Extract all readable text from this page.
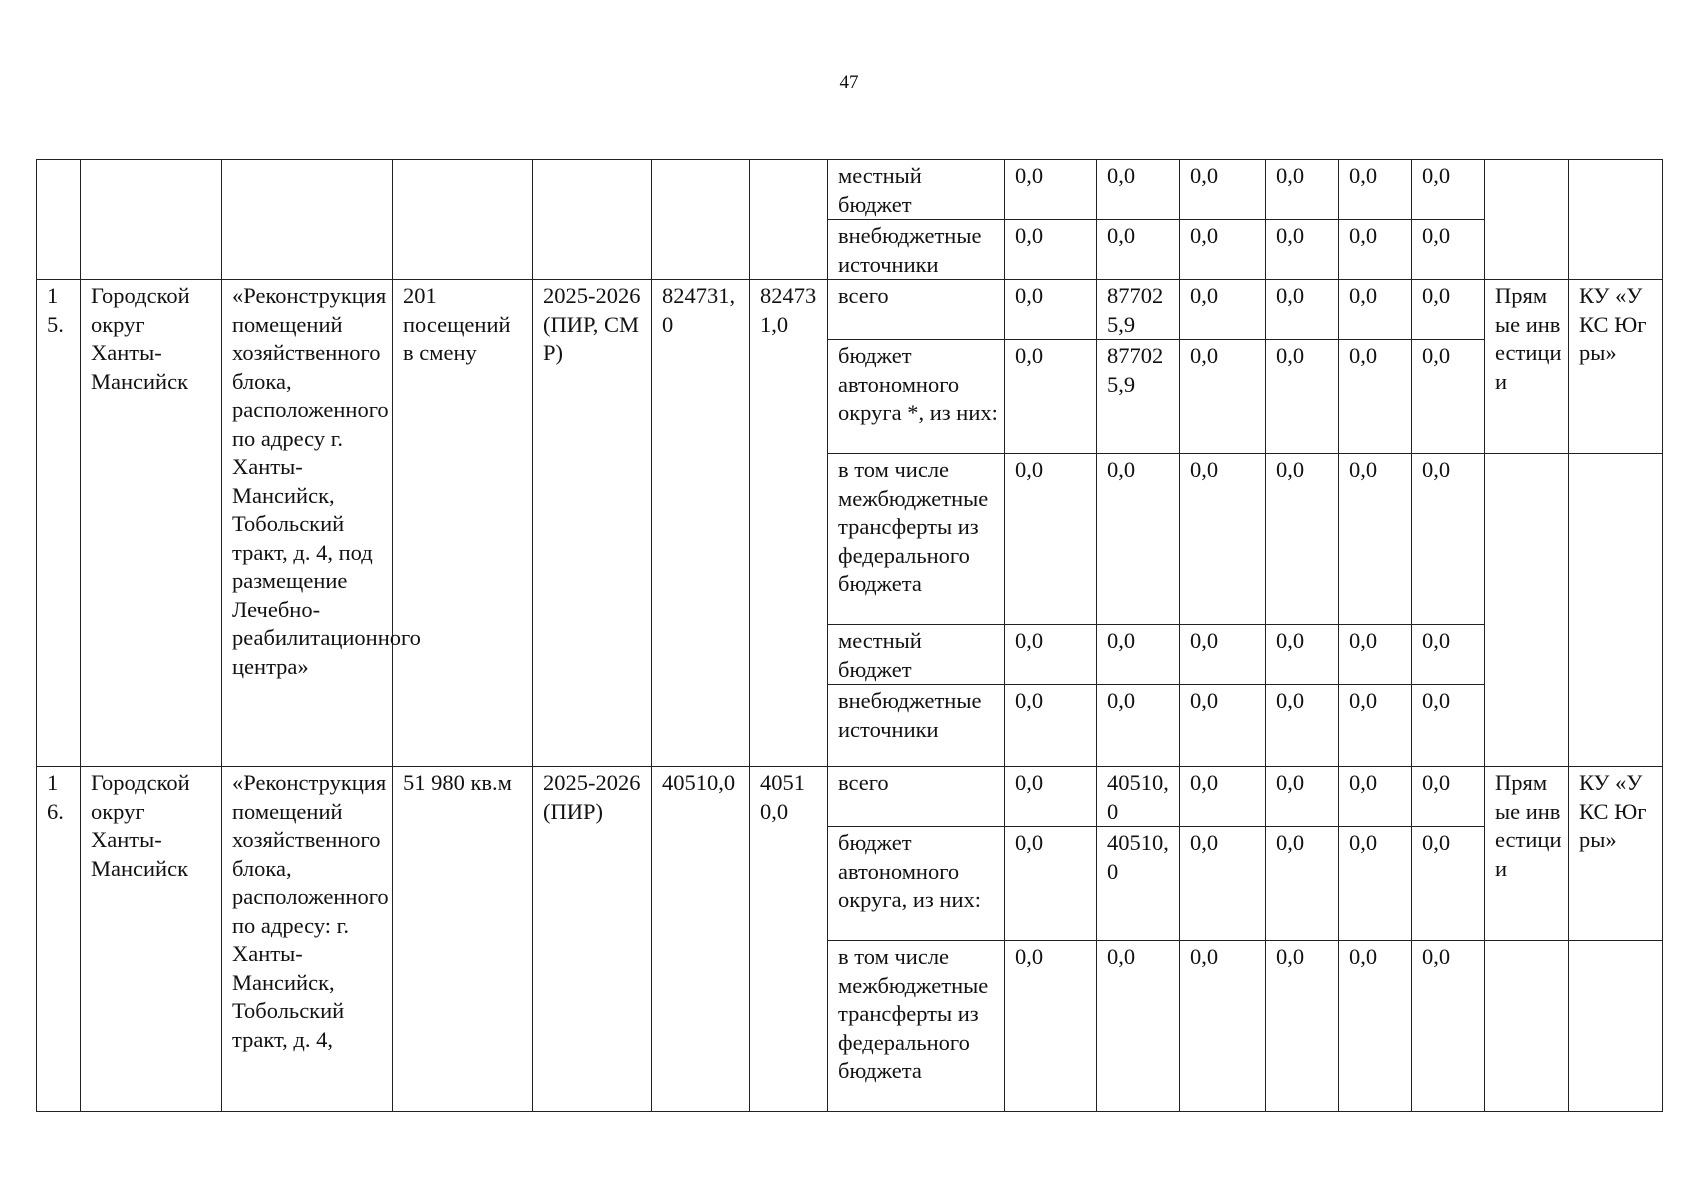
47
							местный бюджет	0,0	0,0	0,0	0,0	0,0	0,0		
							внебюджетные источники	0,0	0,0	0,0	0,0	0,0	0,0		
15.	Городской округ Ханты-Мансийск	«Реконструкция помещений хозяйственного блока, расположенного по адресу г. Ханты-Мансийск, Тобольский тракт, д. 4, под размещение Лечебно-реабилитационного центра»	201 посещений в смену	2025-2026 (ПИР, СМР)	824731,0	824731,0	всего	0,0	877025,9	0,0	0,0	0,0	0,0	Прямые инвестиции	КУ «УКС Югры»
							бюджет автономного округа *, из них:	0,0	877025,9	0,0	0,0	0,0	0,0		
							в том числе межбюджетные трансферты из федерального бюджета	0,0	0,0	0,0	0,0	0,0	0,0		
							местный бюджет	0,0	0,0	0,0	0,0	0,0	0,0		
							внебюджетные источники	0,0	0,0	0,0	0,0	0,0	0,0		
16.	Городской округ Ханты-Мансийск	«Реконструкция помещений хозяйственного блока, расположенного по адресу: г. Ханты-Мансийск, Тобольский тракт, д. 4,	51 980 кв.м	2025-2026 (ПИР)	40510,0	40510,0	всего	0,0	40510,0	0,0	0,0	0,0	0,0	Прямые инвестиции	КУ «УКС Югры»
							бюджет автономного округа, из них:	0,0	40510,0	0,0	0,0	0,0	0,0		
							в том числе межбюджетные трансферты из федерального бюджета	0,0	0,0	0,0	0,0	0,0	0,0		
